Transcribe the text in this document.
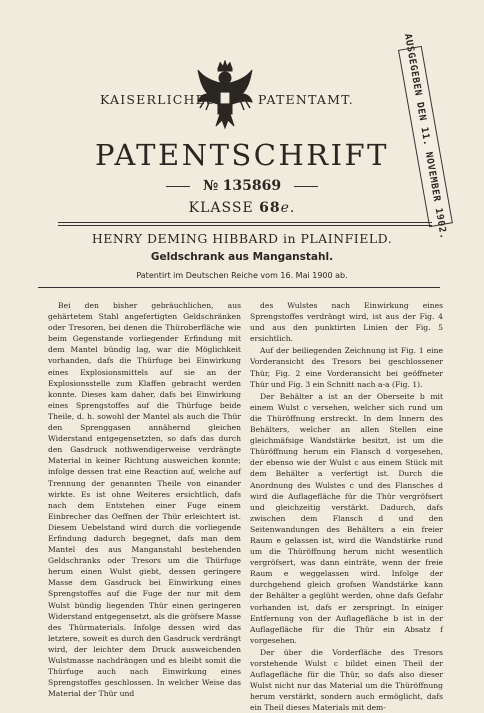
KAISERLICHES	PATENTAMT.	AUSGEGEBEN DEN 11. NOVEMBER 1902.
PATENTSCHRIFT
№ 135869
KLASSE 68e.
HENRY DEMING HIBBARD in PLAINFIELD.
Geldschrank aus Manganstahl.
Patentirt im Deutschen Reiche vom 16. Mai 1900 ab.

Bei den bisher gebräuchlichen, aus gehärtetem Stahl angefertigten Geldschränken oder Tresoren, bei denen die Thüroberfläche wie beim Gegenstande vorliegender Erfindung mit dem Mantel bündig lag, war die Möglichkeit vorhanden, dafs die Thürfuge bei Einwirkung eines Explosionsmittels auf sie an der Explosionsstelle zum Klaffen gebracht werden konnte. Dieses kam daher, dafs bei Einwirkung eines Sprengstoffes auf die Thürfuge beide Theile, d. h. sowohl der Mantel als auch die Thür den Sprenggasen annähernd gleichen Widerstand entgegensetzten, so dafs das durch den Gasdruck nothwendigerweise verdrängte Material in keiner Richtung ausweichen konnte; infolge dessen trat eine Reaction auf, welche auf Trennung der genannten Theile von einander wirkte. Es ist ohne Weiteres ersichtlich, dafs nach dem Entstehen einer Fuge einem Einbrecher das Oeffnen der Thür erleichtert ist. Diesem Uebelstand wird durch die vorliegende Erfindung dadurch begegnet, dafs man dem Mantel des aus Manganstahl bestehenden Geldschranks oder Tresors um die Thürfuge herum einen Wulst giebt, dessen geringere Masse dem Gasdruck bei Einwirkung eines Sprengstoffes auf die Fuge der nur mit dem Wulst bündig liegenden Thür einen geringeren Widerstand entgegensetzt, als die gröfsere Masse des Thürmaterials. Infolge dessen wird das letztere, soweit es durch den Gasdruck verdrängt wird, der leichter dem Druck ausweichenden Wulstmasse nachdrängen und es bleibt somit die Thürfuge auch nach Einwirkung eines Sprengstoffes geschlossen. In welcher Weise das Material der Thür und

des Wulstes nach Einwirkung eines Sprengstoffes verdrängt wird, ist aus der Fig. 4 und aus den punktirten Linien der Fig. 5 ersichtlich.

Auf der beiliegenden Zeichnung ist Fig. 1 eine Vorderansicht des Tresors bei geschlossener Thür, Fig. 2 eine Vorderansicht bei geöffneter Thür und Fig. 3 ein Schnitt nach a-a (Fig. 1).

Der Behälter a ist an der Oberseite b mit einem Wulst c versehen, welcher sich rund um die Thüröffnung erstreckt. In dem Innern des Behälters, welcher an allen Stellen eine gleichmäfsige Wandstärke besitzt, ist um die Thüröffnung herum ein Flansch d vorgesehen, der ebenso wie der Wulst c aus einem Stück mit dem Behälter a verfertigt ist. Durch die Anordnung des Wulstes c und des Flansches d wird die Auflagefläche für die Thür vergröfsert und gleichzeitig verstärkt. Dadurch, dafs zwischen dem Flansch d und den Seitenwandungen des Behälters a ein freier Raum e gelassen ist, wird die Wandstärke rund um die Thüröffnung herum nicht wesentlich vergröfsert, was dann einträte, wenn der freie Raum e weggelassen wird. Infolge der durchgehend gleich grofsen Wandstärke kann der Behälter a geglüht werden, ohne dafs Gefahr vorhanden ist, dafs er zerspringt. In einiger Entfernung von der Auflagefläche b ist in der Auflagefläche für die Thür ein Absatz f vorgesehen.

Der über die Vorderfläche des Tresors vorstehende Wulst c bildet einen Theil der Auflagefläche für die Thür, so dafs also dieser Wulst nicht nur das Material um die Thüröffnung herum verstärkt, sondern auch ermöglicht, dafs ein Theil dieses Materials mit dem-
